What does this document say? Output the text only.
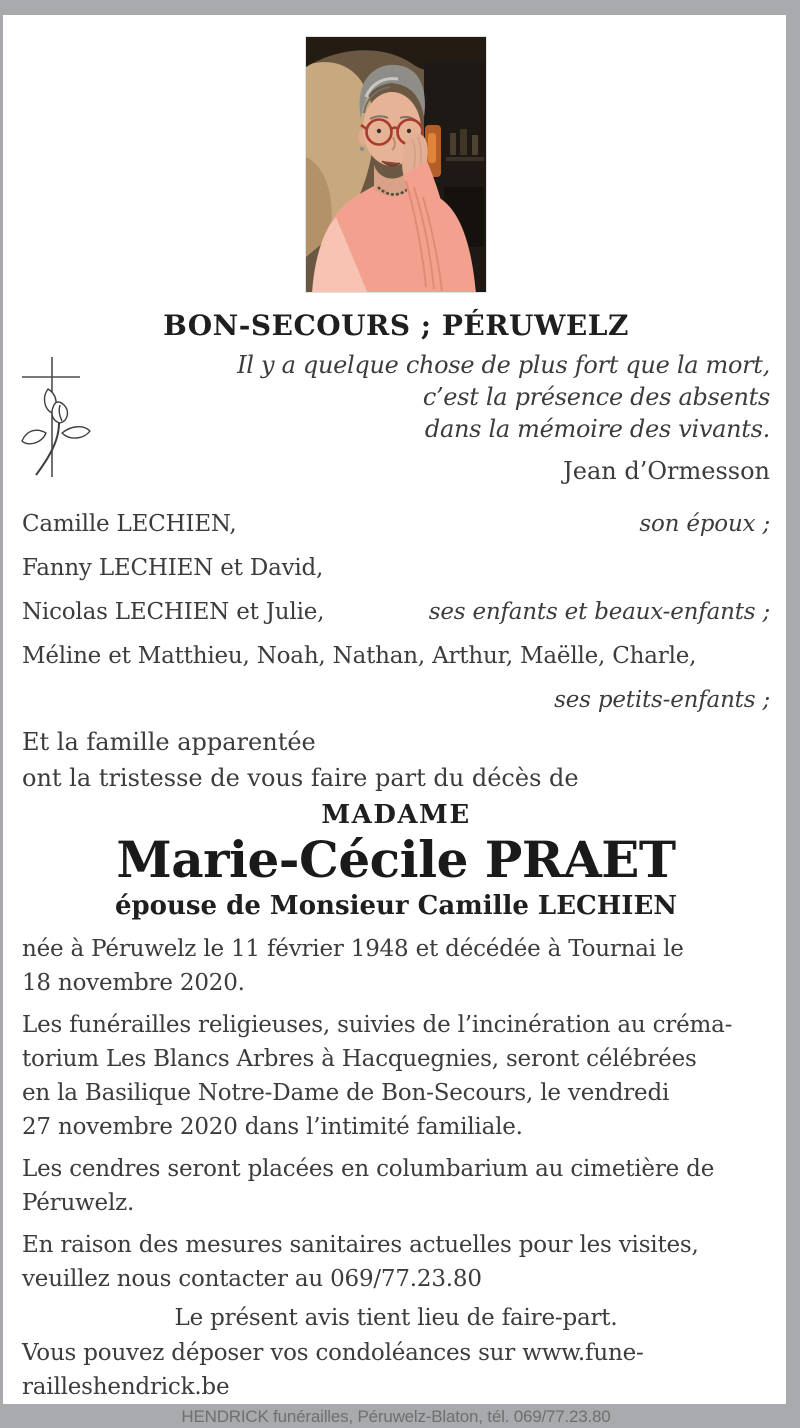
BON-SECOURS ; PÉRUWELZ
Il y a quelque chose de plus fort que la mort,
c’est la présence des absents
dans la mémoire des vivants.
Jean d’Ormesson
Camille LECHIEN,	son époux ;
Fanny LECHIEN et David,
Nicolas LECHIEN et Julie,	ses enfants et beaux-enfants ;
Méline et Matthieu, Noah, Nathan, Arthur, Maëlle, Charle,
ses petits-enfants ;
Et la famille apparentée
ont la tristesse de vous faire part du décès de
MADAME
Marie-Cécile PRAET
épouse de Monsieur Camille LECHIEN
née à Péruwelz le 11 février 1948 et décédée à Tournai le
18 novembre 2020.
Les funérailles religieuses, suivies de l’incinération au créma-
torium Les Blancs Arbres à Hacquegnies, seront célébrées
en la Basilique Notre-Dame de Bon-Secours, le vendredi
27 novembre 2020 dans l’intimité familiale.
Les cendres seront placées en columbarium au cimetière de
Péruwelz.
En raison des mesures sanitaires actuelles pour les visites,
veuillez nous contacter au 069/77.23.80
Le présent avis tient lieu de faire-part.
Vous pouvez déposer vos condoléances sur www.fune-
railleshendrick.be
HENDRICK funérailles, Péruwelz-Blaton, tél. 069/77.23.80
